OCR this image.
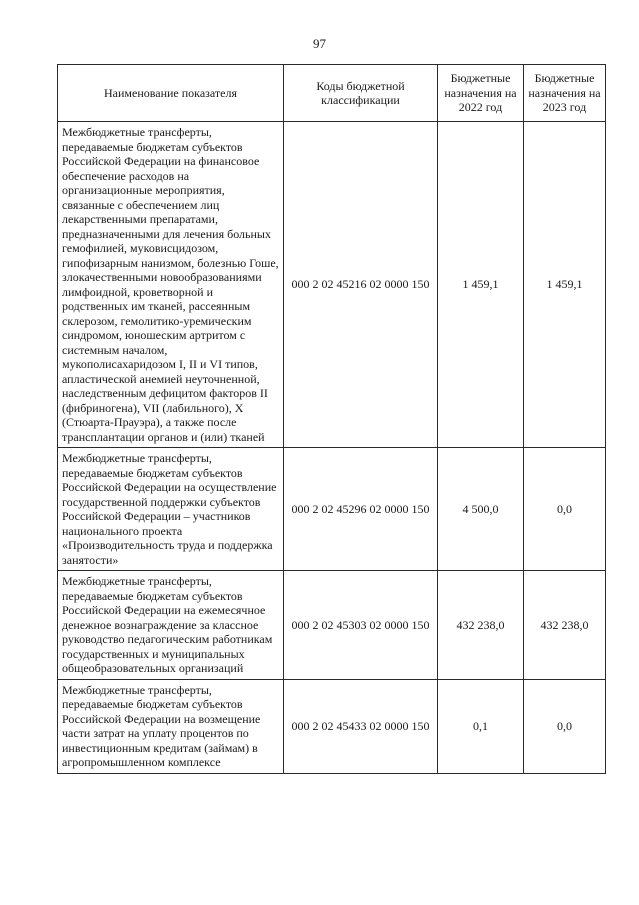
97
Наименование показателя	Коды бюджетной классификации	Бюджетные назначения на 2022 год	Бюджетные назначения на 2023 год
Межбюджетные трансферты, передаваемые бюджетам субъектов Российской Федерации на финансовое обеспечение расходов на организационные мероприятия, связанные с обеспечением лиц лекарственными препаратами, предназначенными для лечения больных гемофилией, муковисцидозом, гипофизарным нанизмом, болезнью Гоше, злокачественными новообразованиями лимфоидной, кроветворной и родственных им тканей, рассеянным склерозом, гемолитико-уремическим синдромом, юношеским артритом с системным началом, мукополисахаридозом I, II и VI типов, апластической анемией неуточненной, наследственным дефицитом факторов II (фибриногена), VII (лабильного), X (Стюарта-Прауэра), а также после трансплантации органов и (или) тканей	000 2 02 45216 02 0000 150	1 459,1	1 459,1
Межбюджетные трансферты, передаваемые бюджетам субъектов Российской Федерации на осуществление государственной поддержки субъектов Российской Федерации – участников национального проекта «Производительность труда и поддержка занятости»	000 2 02 45296 02 0000 150	4 500,0	0,0
Межбюджетные трансферты, передаваемые бюджетам субъектов Российской Федерации на ежемесячное денежное вознаграждение за классное руководство педагогическим работникам государственных и муниципальных общеобразовательных организаций	000 2 02 45303 02 0000 150	432 238,0	432 238,0
Межбюджетные трансферты, передаваемые бюджетам субъектов Российской Федерации на возмещение части затрат на уплату процентов по инвестиционным кредитам (займам) в агропромышленном комплексе	000 2 02 45433 02 0000 150	0,1	0,0
